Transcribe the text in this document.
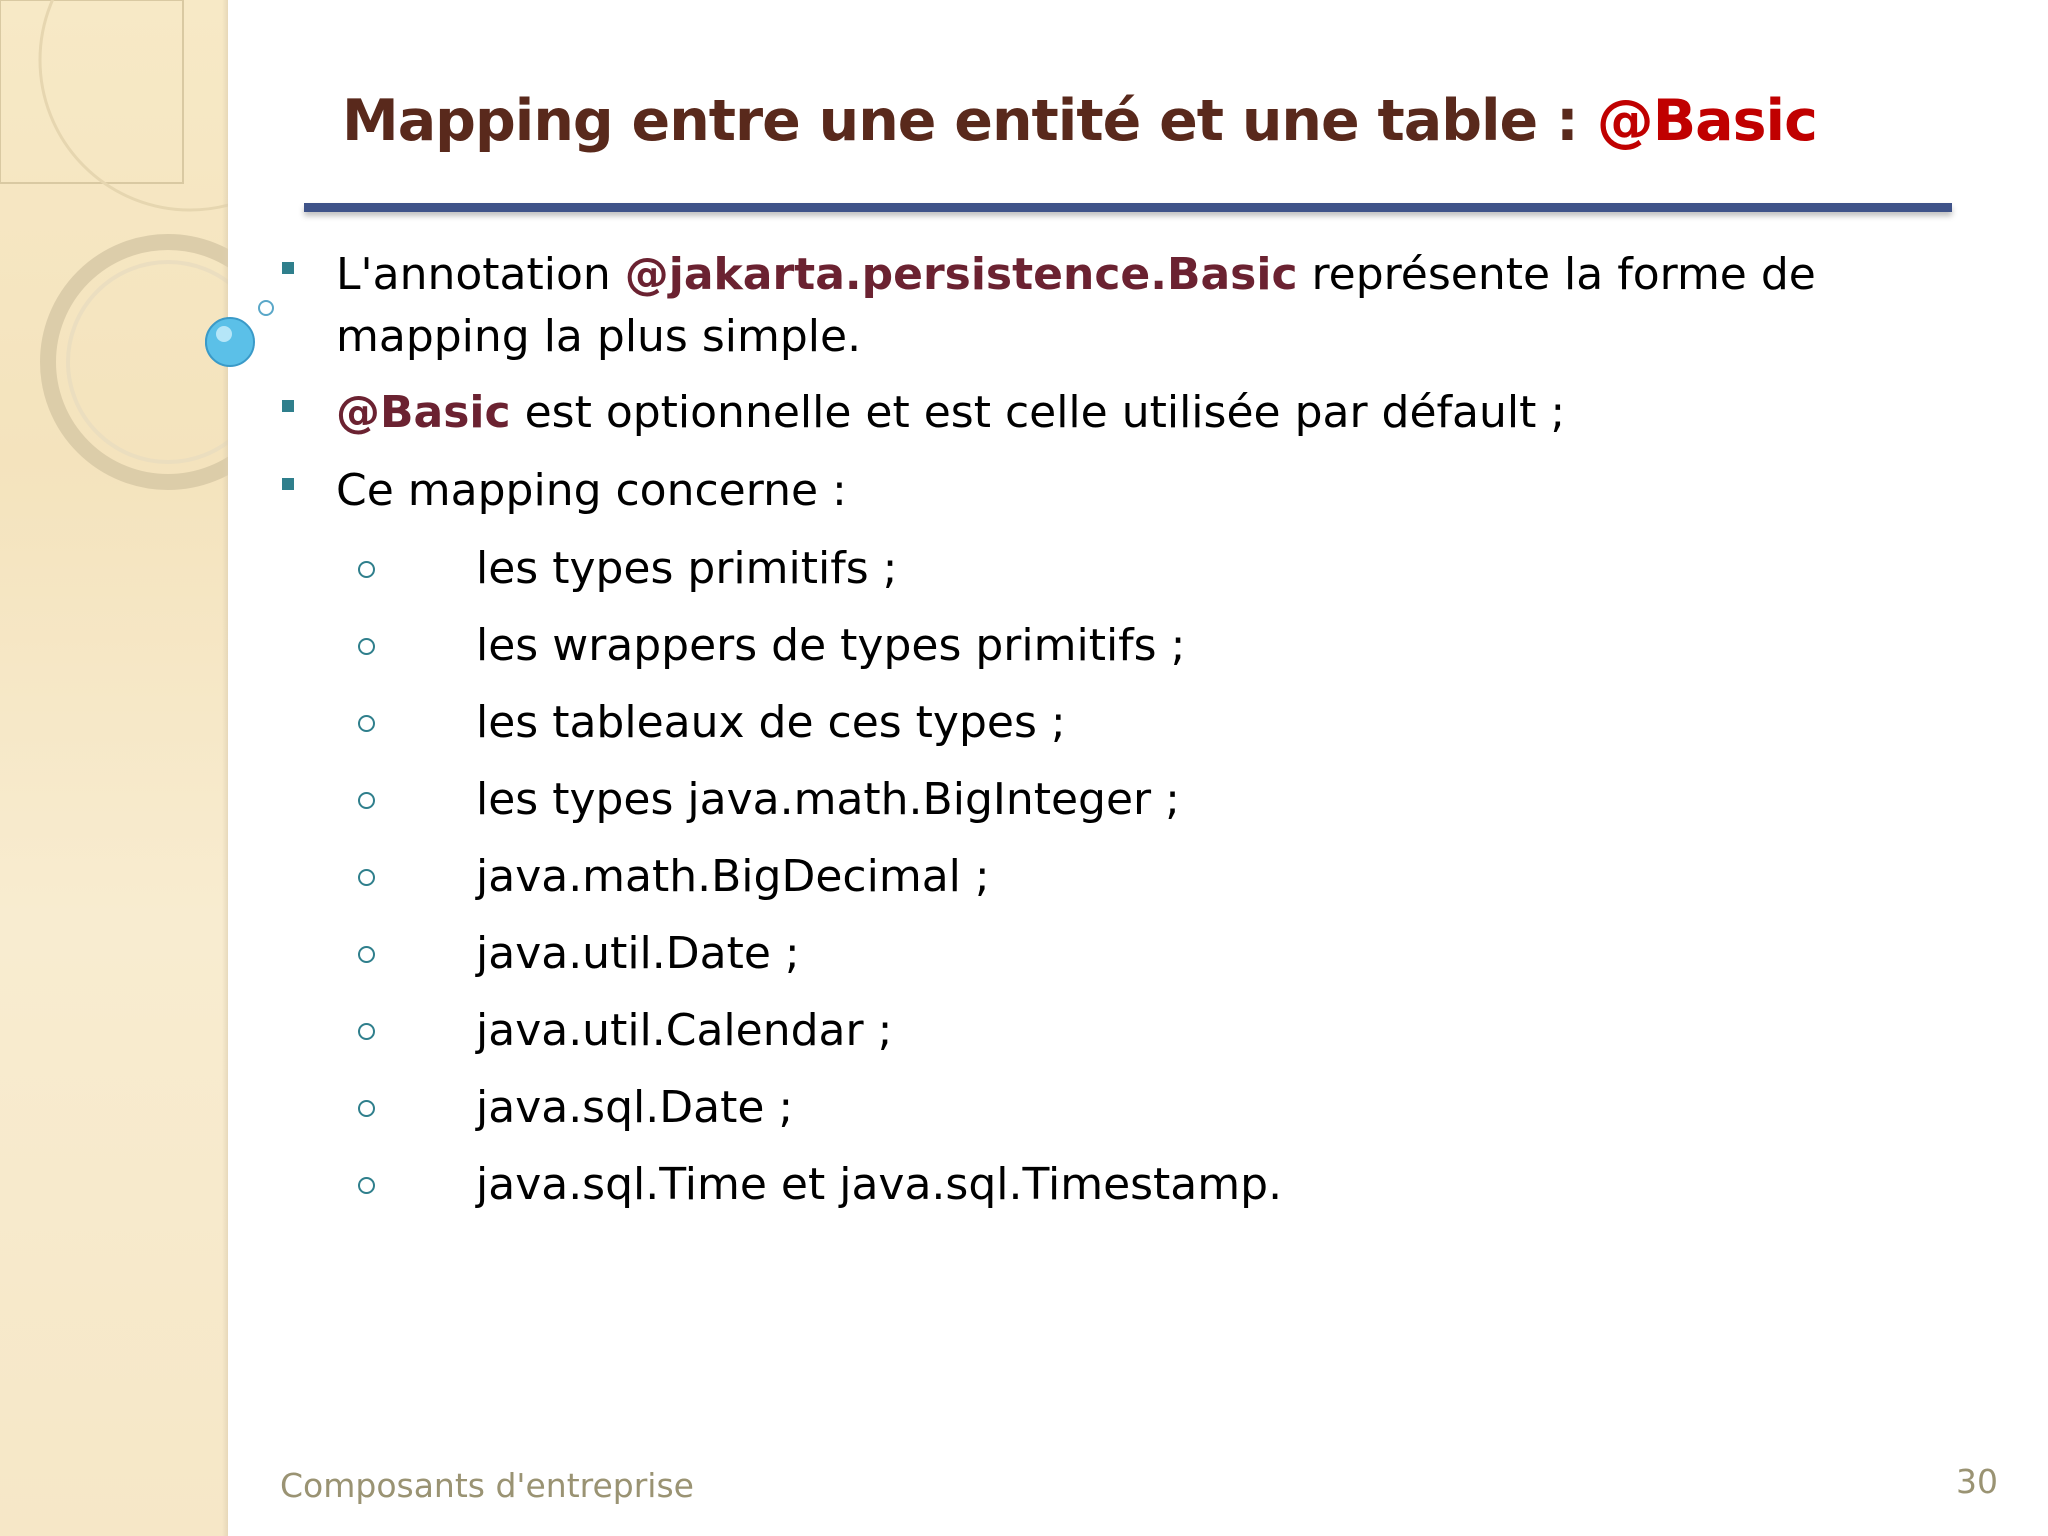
Mapping entre une entité et une table : @Basic
L'annotation @jakarta.persistence.Basic représente la forme de mapping la plus simple.
@Basic est optionnelle et est celle utilisée par défault ;
Ce mapping concerne :
les types primitifs ;
les wrappers de types primitifs ;
les tableaux de ces types ;
les types java.math.BigInteger ;
java.math.BigDecimal ;
java.util.Date ;
java.util.Calendar ;
java.sql.Date ;
java.sql.Time et java.sql.Timestamp.
Composants d'entreprise	30
